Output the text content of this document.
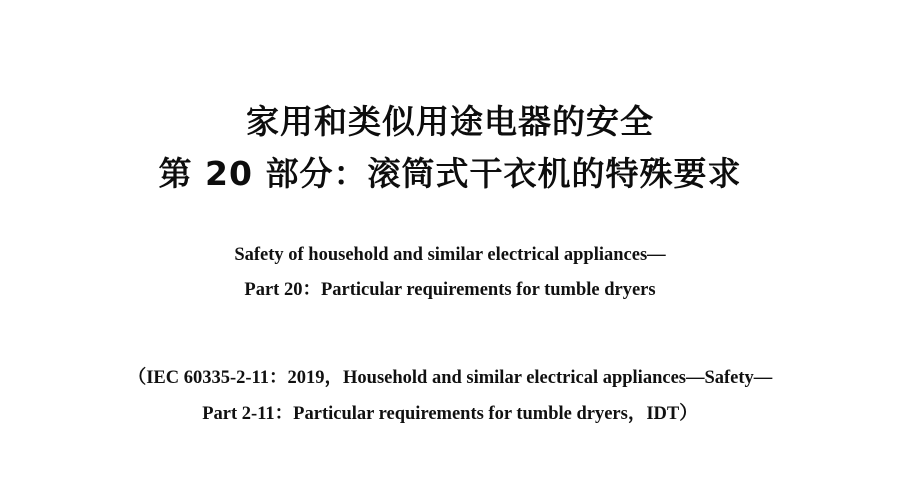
家用和类似用途电器的安全
第 20 部分：滚筒式干衣机的特殊要求
Safety of household and similar electrical appliances—
Part 20：Particular requirements for tumble dryers
（IEC 60335-2-11：2019，Household and similar electrical appliances—Safety—
Part 2-11：Particular requirements for tumble dryers，IDT）
